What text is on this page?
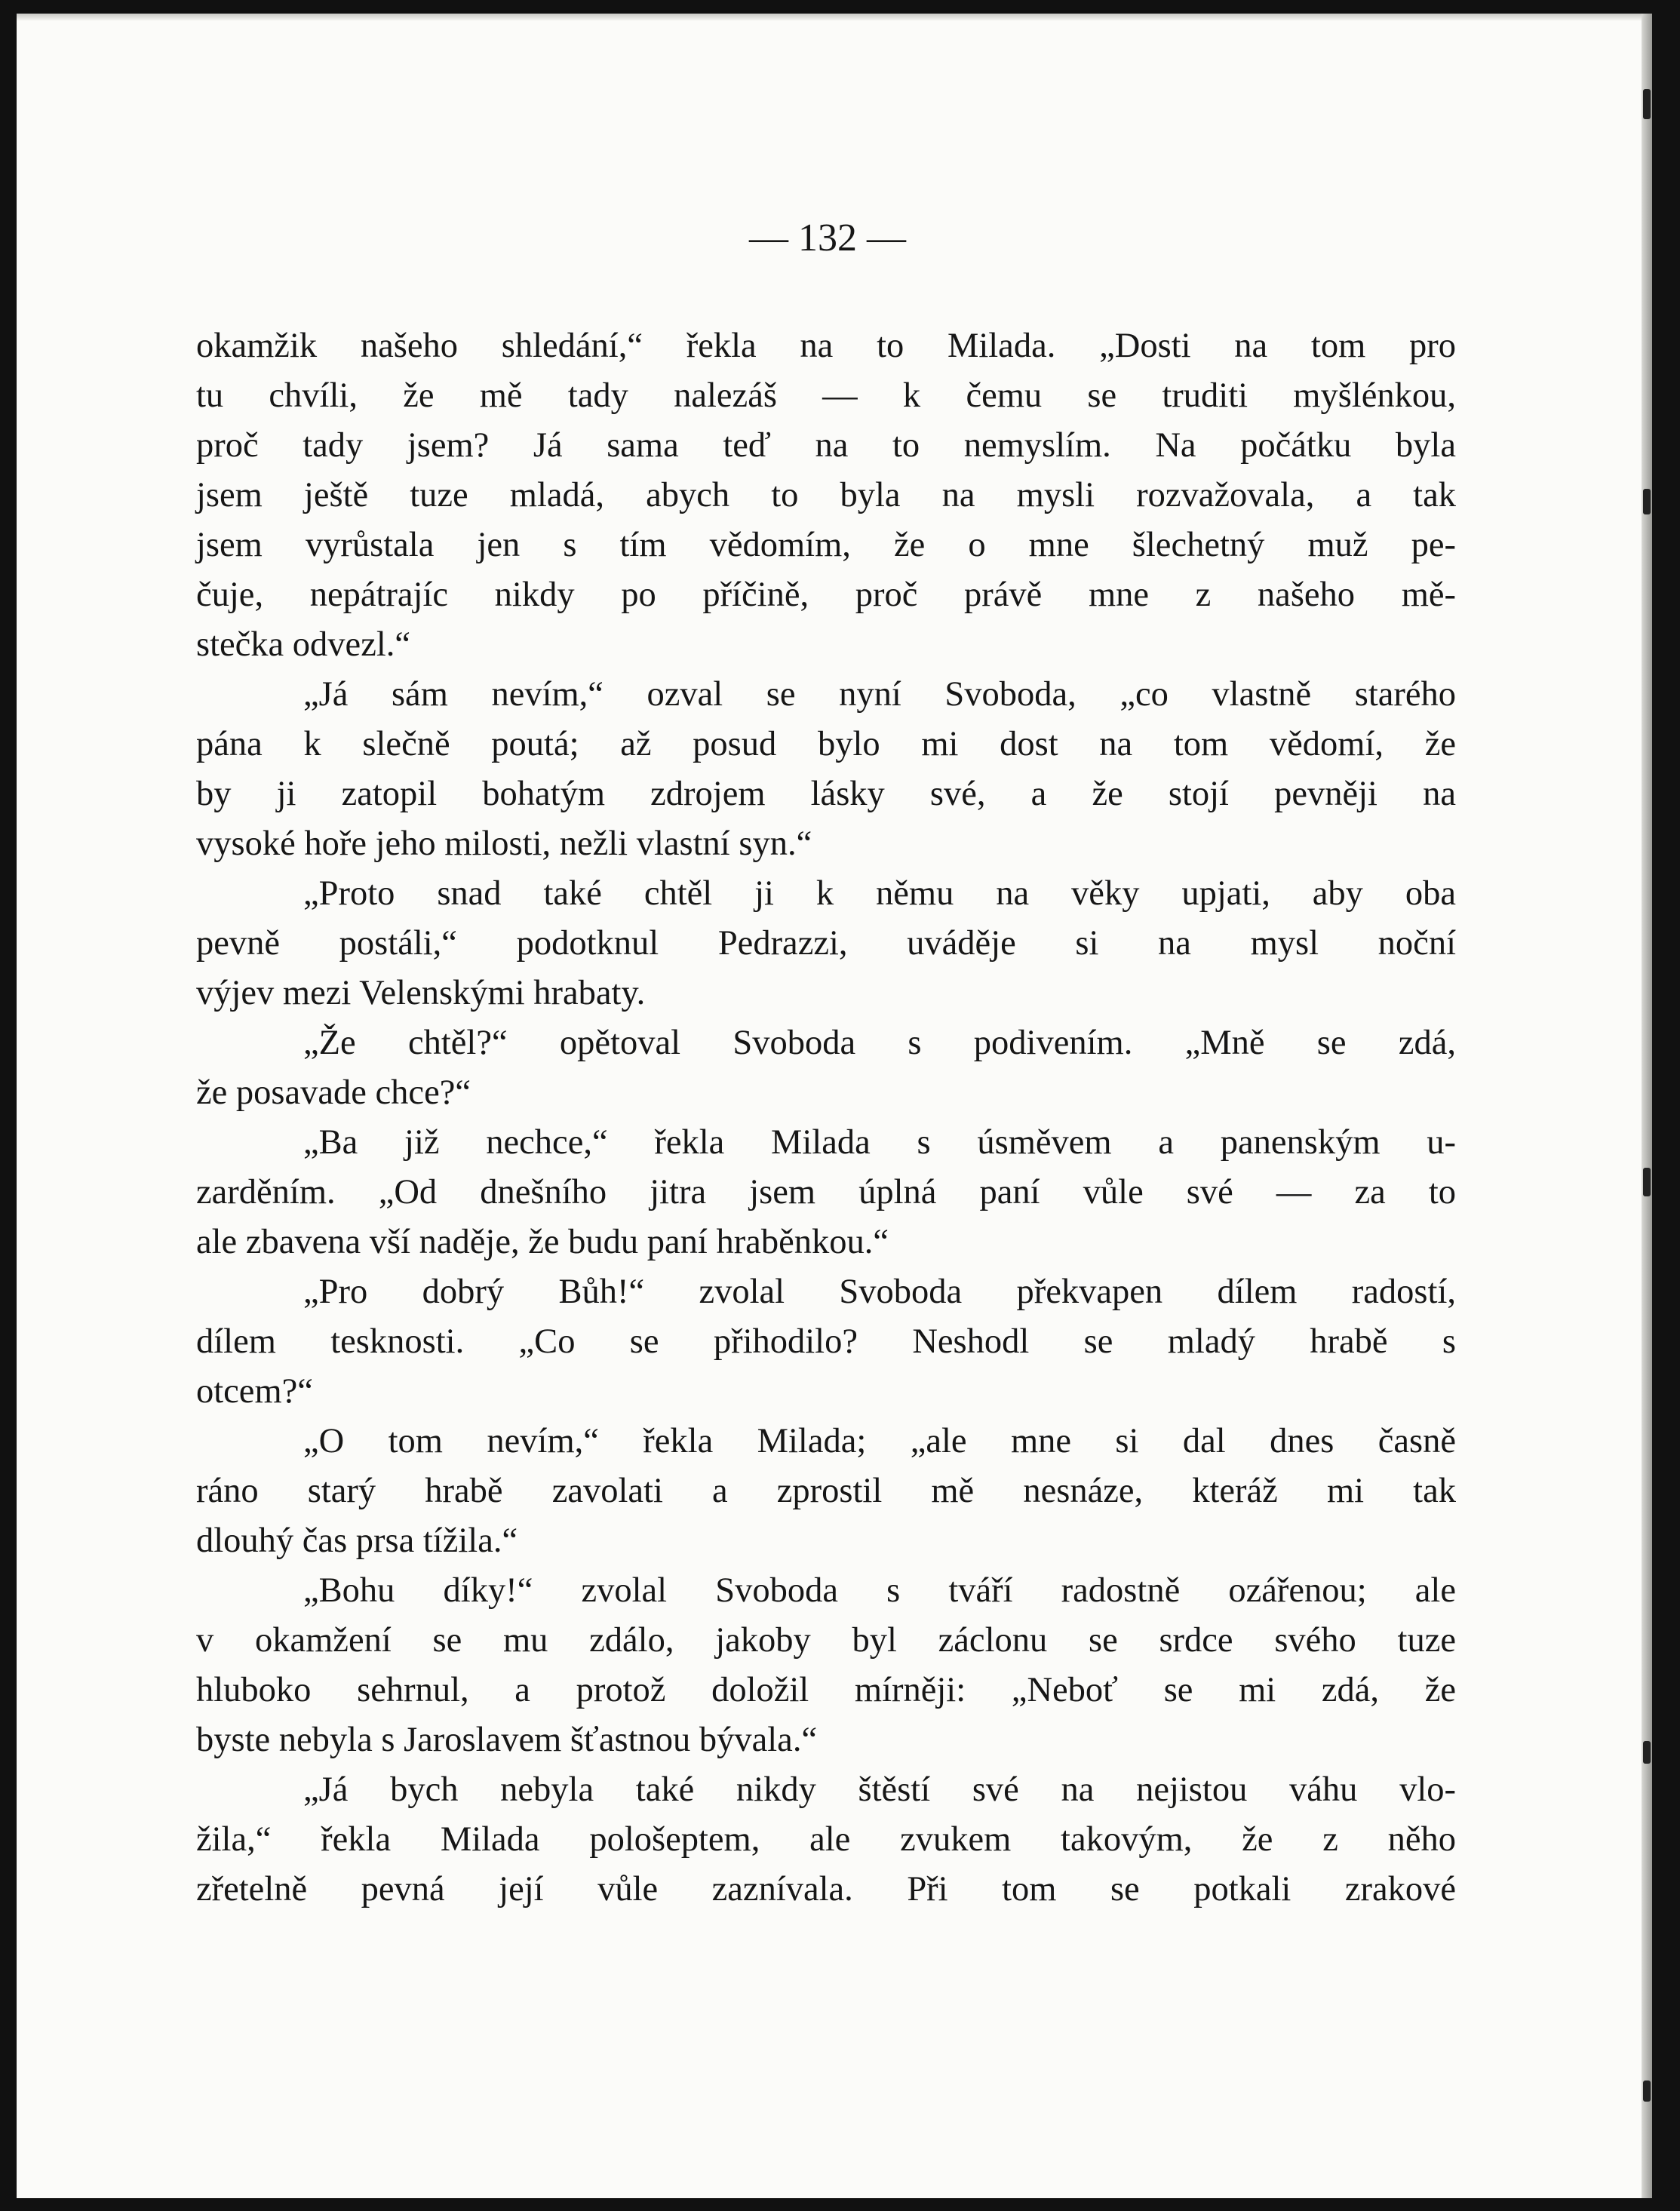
— 132 —
okamžik našeho shledání,“ řekla na to Milada. „Dosti na tom pro
tu chvíli, že mě tady nalezáš — k čemu se truditi myšlénkou,
proč tady jsem? Já sama teď na to nemyslím. Na počátku byla
jsem ještě tuze mladá, abych to byla na mysli rozvažovala, a tak
jsem vyrůstala jen s tím vědomím, že o mne šlechetný muž pe-
čuje, nepátrajíc nikdy po příčině, proč právě mne z našeho mě-
stečka odvezl.“
„Já sám nevím,“ ozval se nyní Svoboda, „co vlastně starého
pána k slečně poutá; až posud bylo mi dost na tom vědomí, že
by ji zatopil bohatým zdrojem lásky své, a že stojí pevněji na
vysoké hoře jeho milosti, nežli vlastní syn.“
„Proto snad také chtěl ji k němu na věky upjati, aby oba
pevně postáli,“ podotknul Pedrazzi, uváděje si na mysl noční
výjev mezi Velenskými hrabaty.
„Že chtěl?“ opětoval Svoboda s podivením. „Mně se zdá,
že posavade chce?“
„Ba již nechce,“ řekla Milada s úsměvem a panenským u-
zarděním. „Od dnešního jitra jsem úplná paní vůle své — za to
ale zbavena vší naděje, že budu paní hraběnkou.“
„Pro dobrý Bůh!“ zvolal Svoboda překvapen dílem radostí,
dílem tesknosti. „Co se přihodilo? Neshodl se mladý hrabě s
otcem?“
„O tom nevím,“ řekla Milada; „ale mne si dal dnes časně
ráno starý hrabě zavolati a zprostil mě nesnáze, kteráž mi tak
dlouhý čas prsa tížila.“
„Bohu díky!“ zvolal Svoboda s tváří radostně ozářenou; ale
v okamžení se mu zdálo, jakoby byl záclonu se srdce svého tuze
hluboko sehrnul, a protož doložil mírněji: „Neboť se mi zdá, že
byste nebyla s Jaroslavem šťastnou bývala.“
„Já bych nebyla také nikdy štěstí své na nejistou váhu vlo-
žila,“ řekla Milada pološeptem, ale zvukem takovým, že z něho
zřetelně pevná její vůle zaznívala. Při tom se potkali zrakové
